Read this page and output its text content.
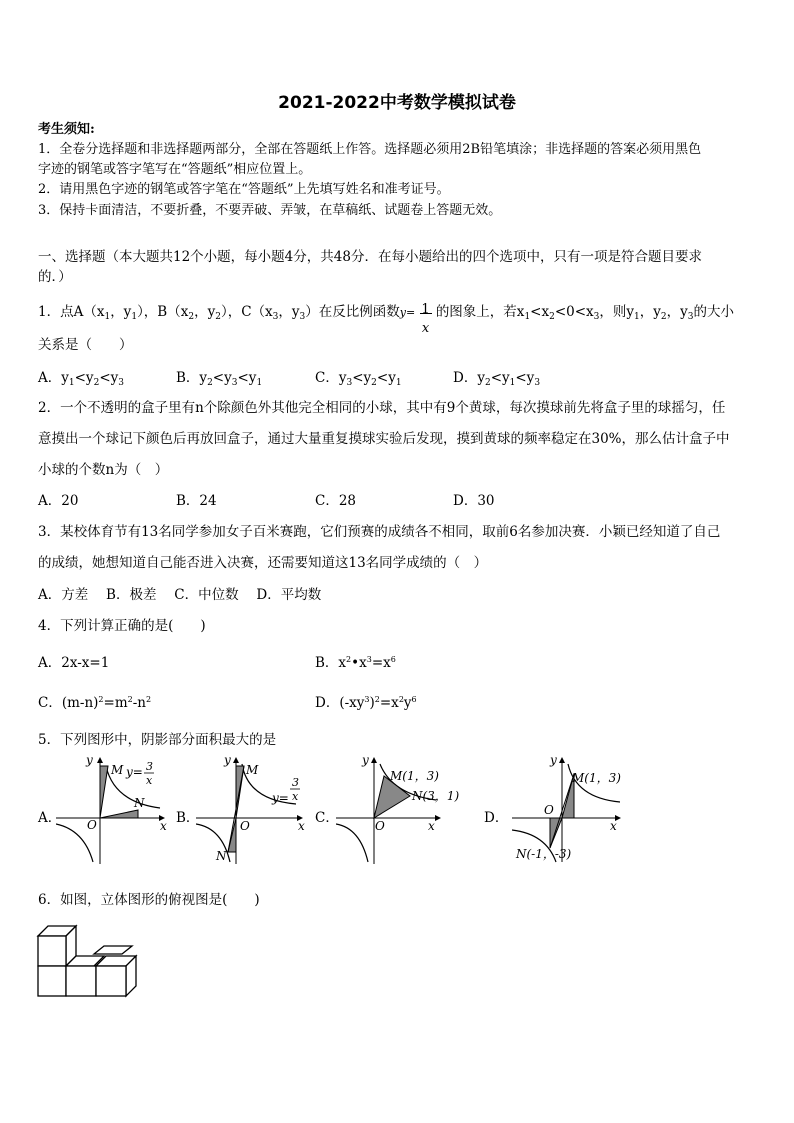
2021-2022中考数学模拟试卷
考生须知:
1．全卷分选择题和非选择题两部分，全部在答题纸上作答。选择题必须用2B铅笔填涂；非选择题的答案必须用黑色
字迹的钢笔或答字笔写在“答题纸”相应位置上。
2．请用黑色字迹的钢笔或答字笔在“答题纸”上先填写姓名和准考证号。
3．保持卡面清洁，不要折叠，不要弄破、弄皱，在草稿纸、试题卷上答题无效。
一、选择题（本大题共12个小题，每小题4分，共48分．在每小题给出的四个选项中，只有一项是符合题目要求
的．）
1．点$A(x_1$，$y_1$），$B(x_2$，$y_2$），$C(x_3$，$y_3$）在反比例函数y= 1
x
的图象上，若$x_1<x_2<0<x_3$，则$y_1$，$y_2$，$y_3$的大小
关系是（　　）
A．$y_1<y_2<y_3$	B．$y_2<y_3<y_1$	C．$y_3<y_2<y_1$	D．$y_2<y_1<y_3$
2．一个不透明的盒子里有n个除颜色外其他完全相同的小球，其中有9个黄球，每次摸球前先将盒子里的球摇匀，任
意摸出一个球记下颜色后再放回盒子，通过大量重复摸球实验后发现，摸到黄球的频率稳定在30%，那么估计盒子中
小球的个数n为（　）
A．20	B．24	C．28	D．30
3．某校体育节有13名同学参加女子百米赛跑，它们预赛的成绩各不相同，取前6名参加决赛．小颖已经知道了自己
的成绩，她想知道自己能否进入决赛，还需要知道这13名同学成绩的（　）
A．方差　 B．极差　 C．中位数　 D．平均数
4．下列计算正确的是(　　)
A．2x-x=1	B．$x^2•x^3=x^6$
C．$(m-n)^2=m^2-n^2$	D．$(-xy^3)^2=x^2y^6$
5．下列图形中，阴影部分面积最大的是
A．	B．	C．	D．
y
x
O
M
N
y= 3
x
y
x
O
M
N
y=
3
x
y
x
O
M(1，3)
N(3，1)
y
x
O
M(1，3)
N(-1，-3)
6．如图，立体图形的俯视图是(　　)
